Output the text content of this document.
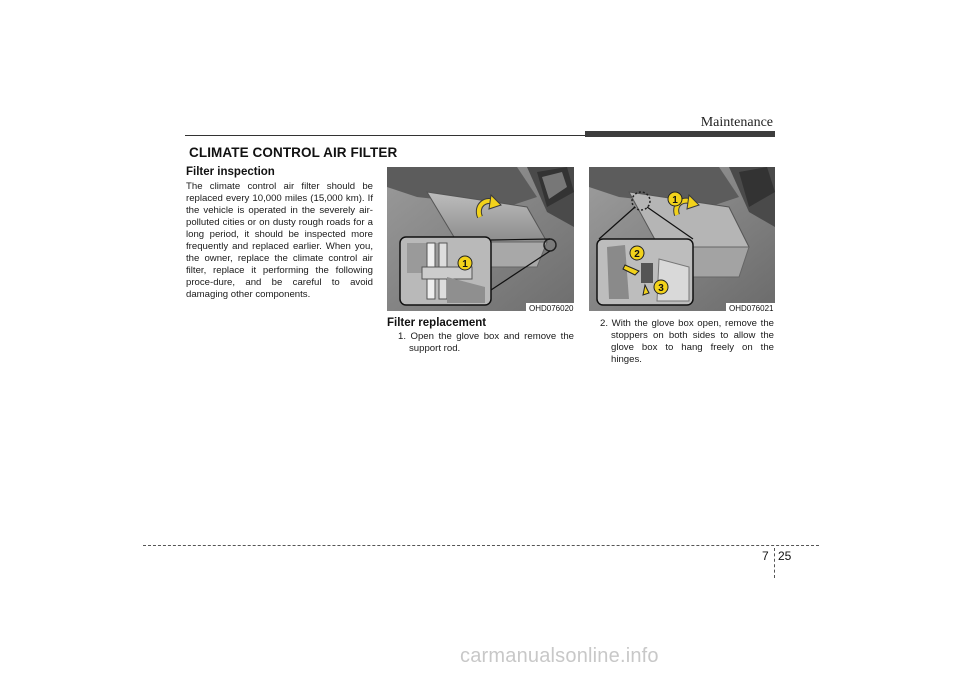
Maintenance
CLIMATE CONTROL AIR FILTER
Filter inspection
The climate control air filter should be replaced every 10,000 miles (15,000 km). If the vehicle is operated in the severely air-polluted cities or on dusty rough roads for a long period, it should be inspected more frequently and replaced earlier. When you, the owner, replace the climate control air filter, replace it performing the following proce-dure, and be careful to avoid damaging other components.
1
OHD076020
1
2
3
OHD076021
Filter replacement
1. Open the glove box and remove the support rod.
2. With the glove box open, remove the stoppers on both sides to allow the glove box to hang freely on the hinges.
7 25
carmanualsonline.info
